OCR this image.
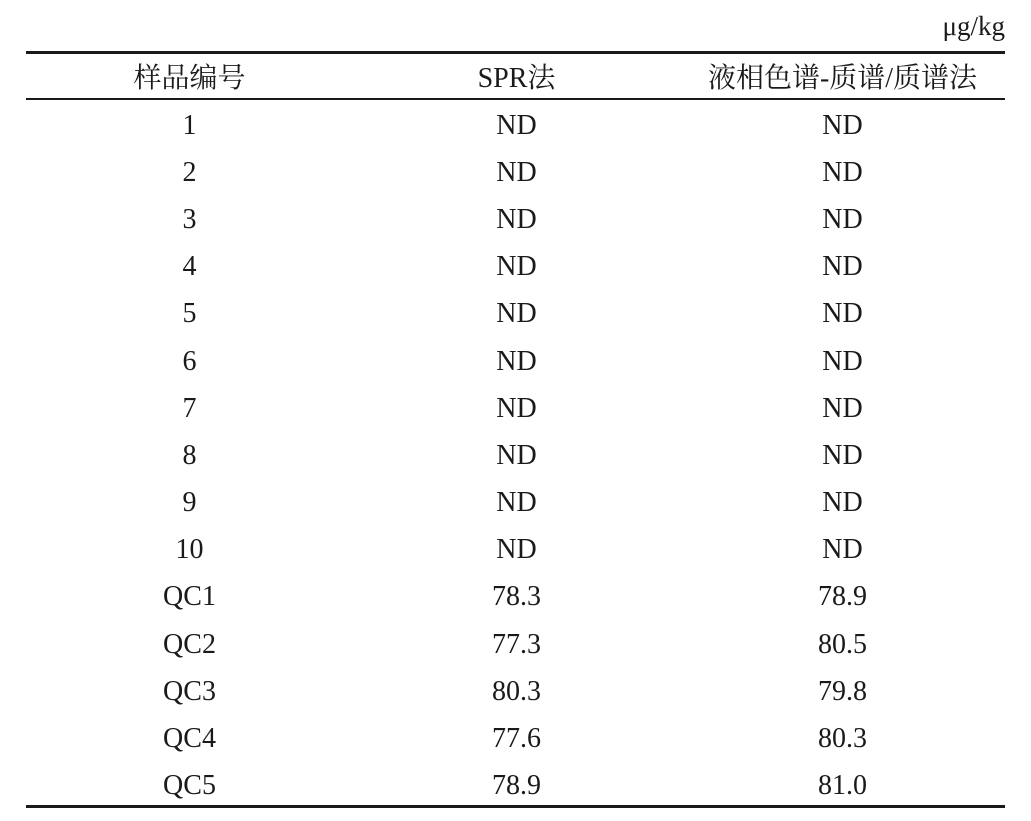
μg/kg
样品编号	SPR法	液相色谱-质谱/质谱法
1	ND	ND
2	ND	ND
3	ND	ND
4	ND	ND
5	ND	ND
6	ND	ND
7	ND	ND
8	ND	ND
9	ND	ND
10	ND	ND
QC1	78.3	78.9
QC2	77.3	80.5
QC3	80.3	79.8
QC4	77.6	80.3
QC5	78.9	81.0
